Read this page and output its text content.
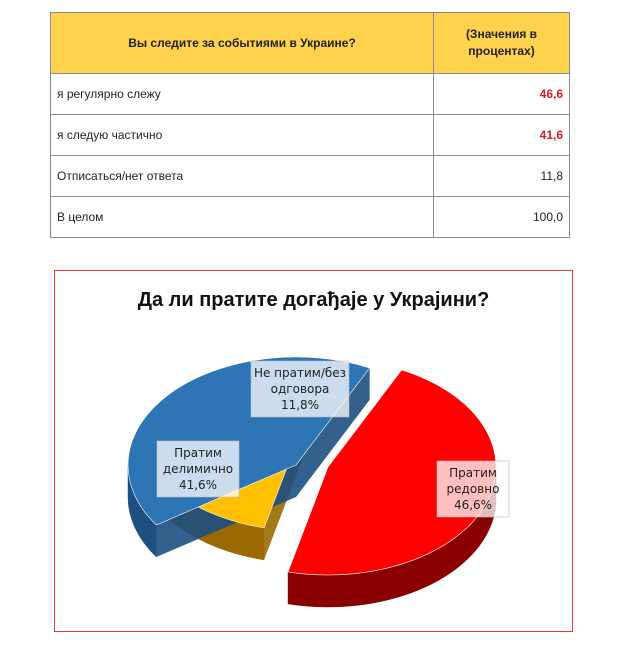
Вы следите за событиями в Украине?	(Значения в
процентах)
я регулярно слежу	46,6
я следую частично	41,6
Отписаться/нет ответа	11,8
В целом	100,0
Да ли пратите догађаје у Украјини?
Пратим
редовно
46,6%
Не пратим/без
одговора
11,8%
Пратим
делимично
41,6%
